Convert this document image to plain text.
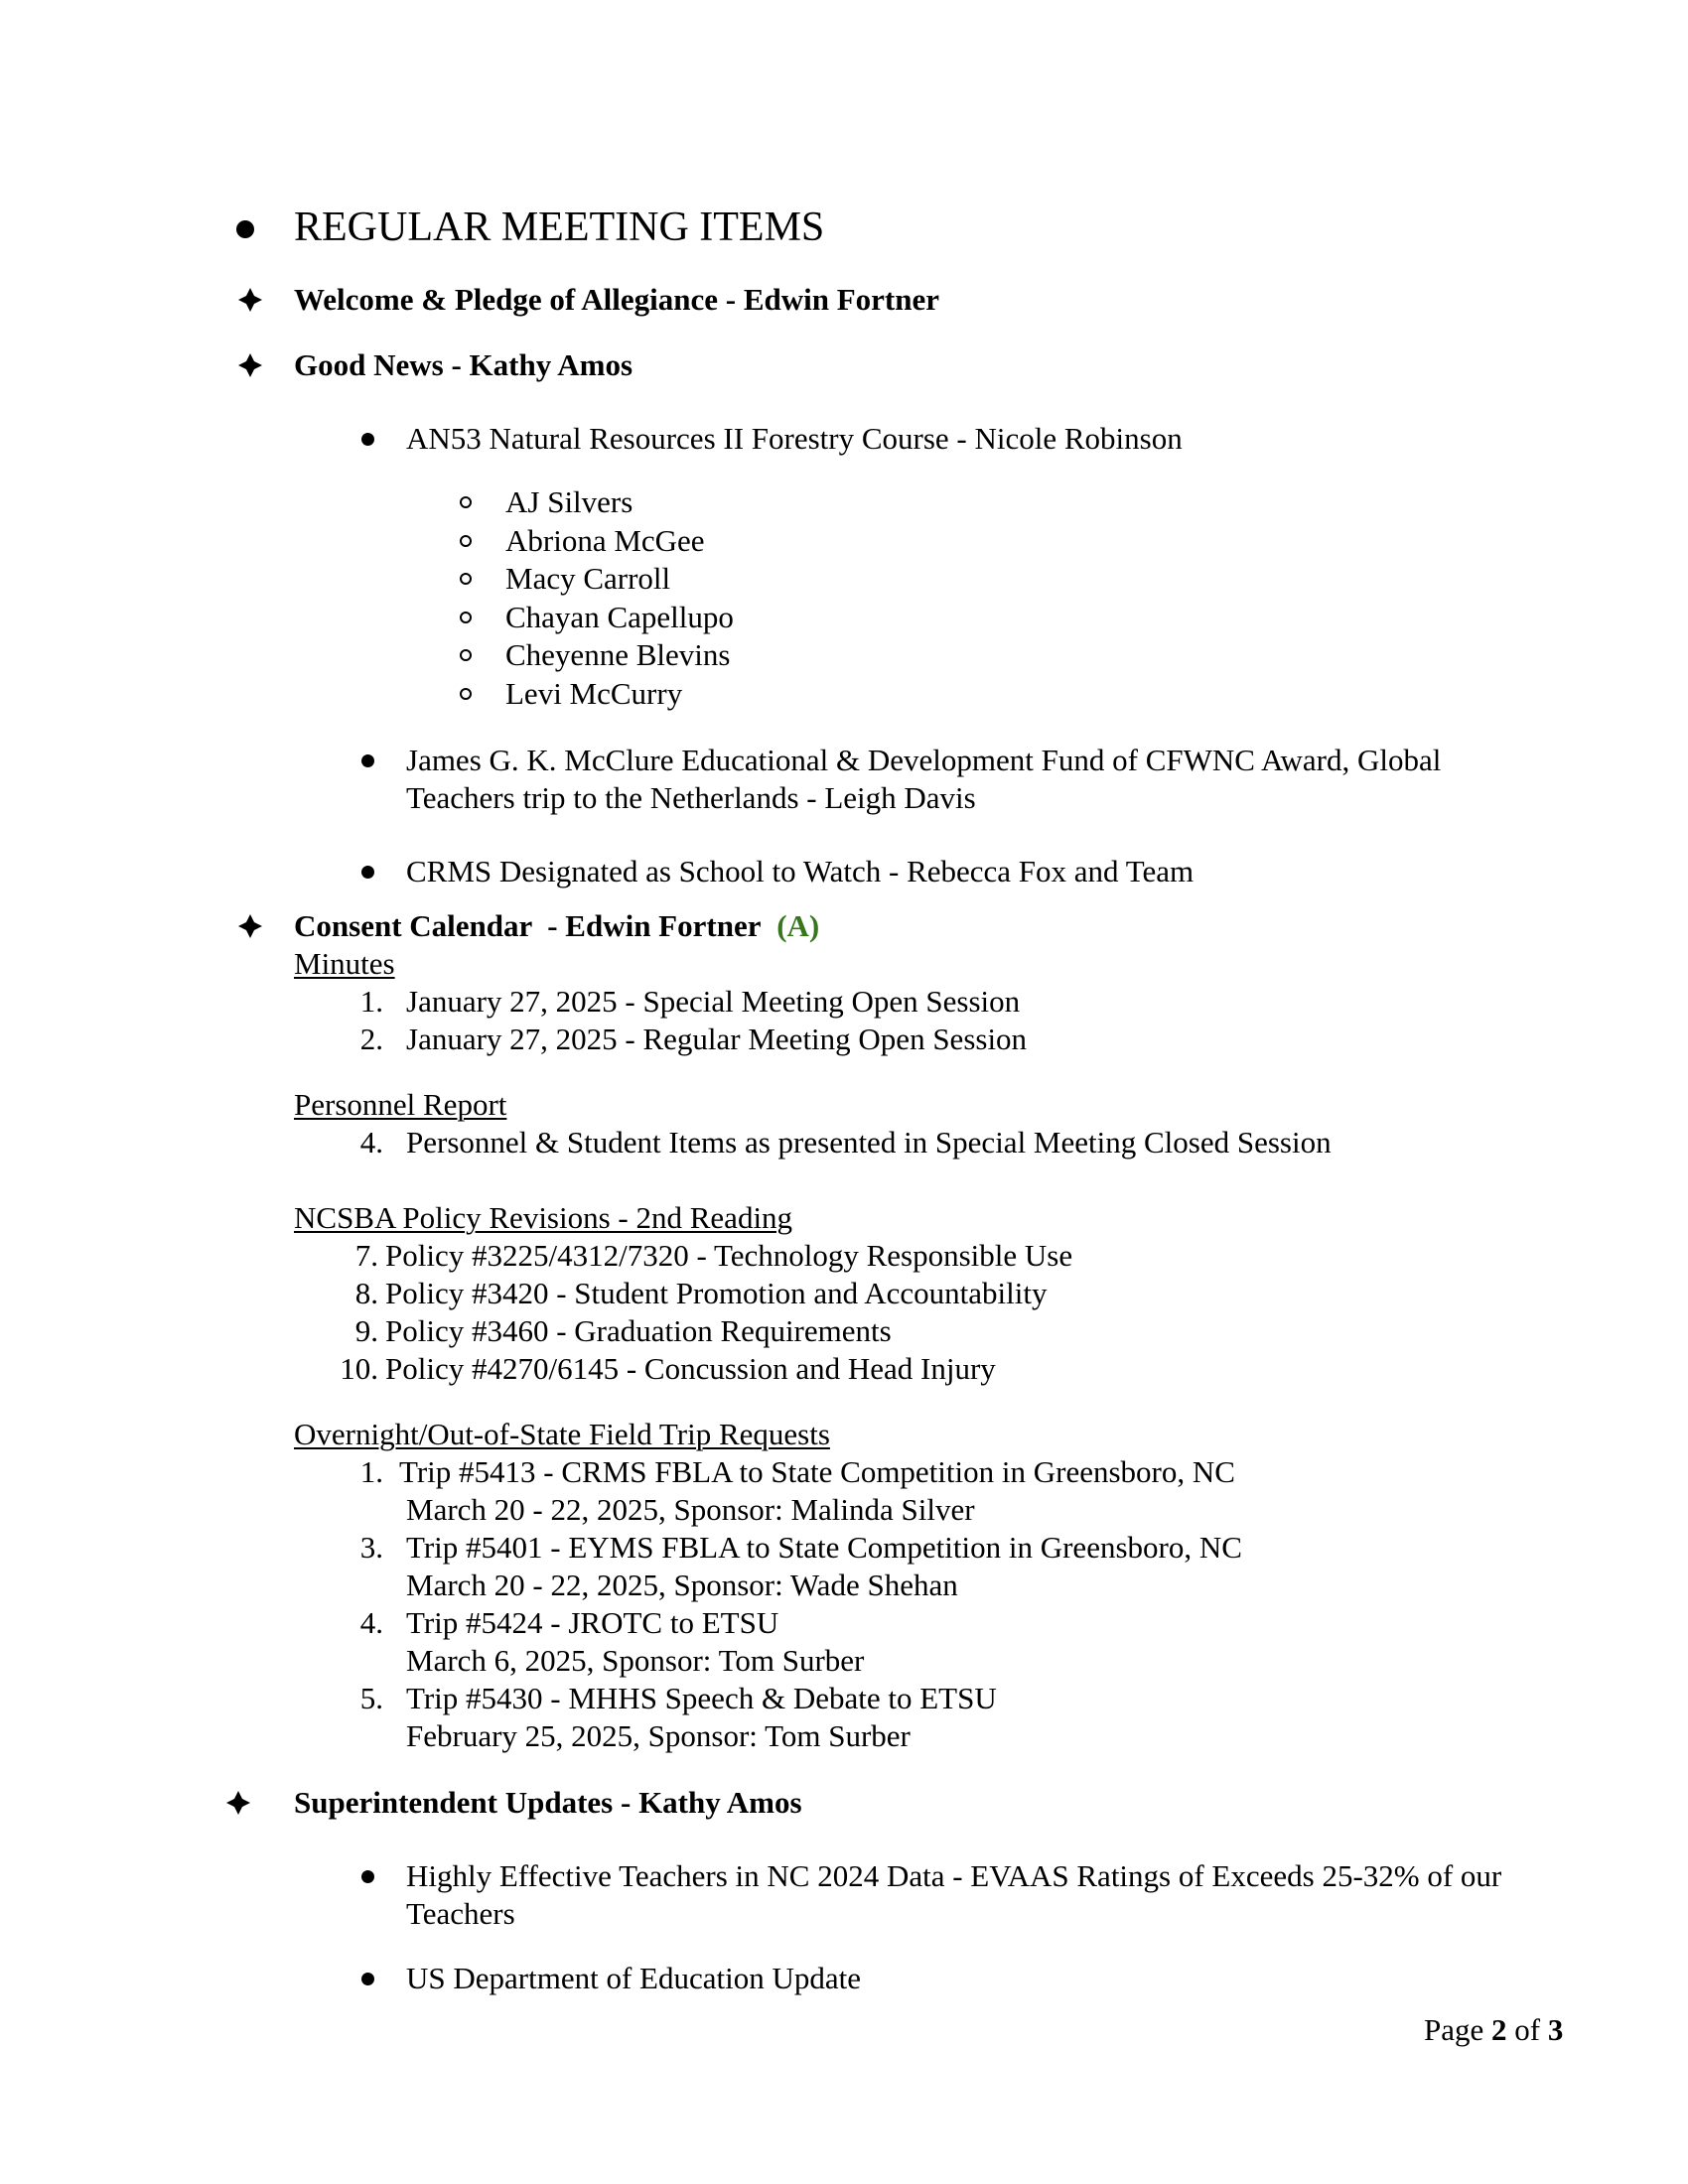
REGULAR MEETING ITEMS
Welcome & Pledge of Allegiance - Edwin Fortner
Good News - Kathy Amos
AN53 Natural Resources II Forestry Course - Nicole Robinson
AJ Silvers
Abriona McGee
Macy Carroll
Chayan Capellupo
Cheyenne Blevins
Levi McCurry
James G. K. McClure Educational & Development Fund of CFWNC Award, Global
Teachers trip to the Netherlands - Leigh Davis
CRMS Designated as School to Watch - Rebecca Fox and Team
Consent Calendar  - Edwin Fortner (A)
Minutes
1. January 27, 2025 - Special Meeting Open Session
2. January 27, 2025 - Regular Meeting Open Session
Personnel Report
4. Personnel & Student Items as presented in Special Meeting Closed Session
NCSBA Policy Revisions - 2nd Reading
7. Policy #3225/4312/7320 - Technology Responsible Use
8. Policy #3420 - Student Promotion and Accountability
9. Policy #3460 - Graduation Requirements
10. Policy #4270/6145 - Concussion and Head Injury
Overnight/Out-of-State Field Trip Requests
1. Trip #5413 - CRMS FBLA to State Competition in Greensboro, NC
March 20 - 22, 2025, Sponsor: Malinda Silver
3. Trip #5401 - EYMS FBLA to State Competition in Greensboro, NC
March 20 - 22, 2025, Sponsor: Wade Shehan
4. Trip #5424 - JROTC to ETSU
March 6, 2025, Sponsor: Tom Surber
5. Trip #5430 - MHHS Speech & Debate to ETSU
February 25, 2025, Sponsor: Tom Surber
Superintendent Updates - Kathy Amos
Highly Effective Teachers in NC 2024 Data - EVAAS Ratings of Exceeds 25-32% of our
Teachers
US Department of Education Update
Page 2 of 3
